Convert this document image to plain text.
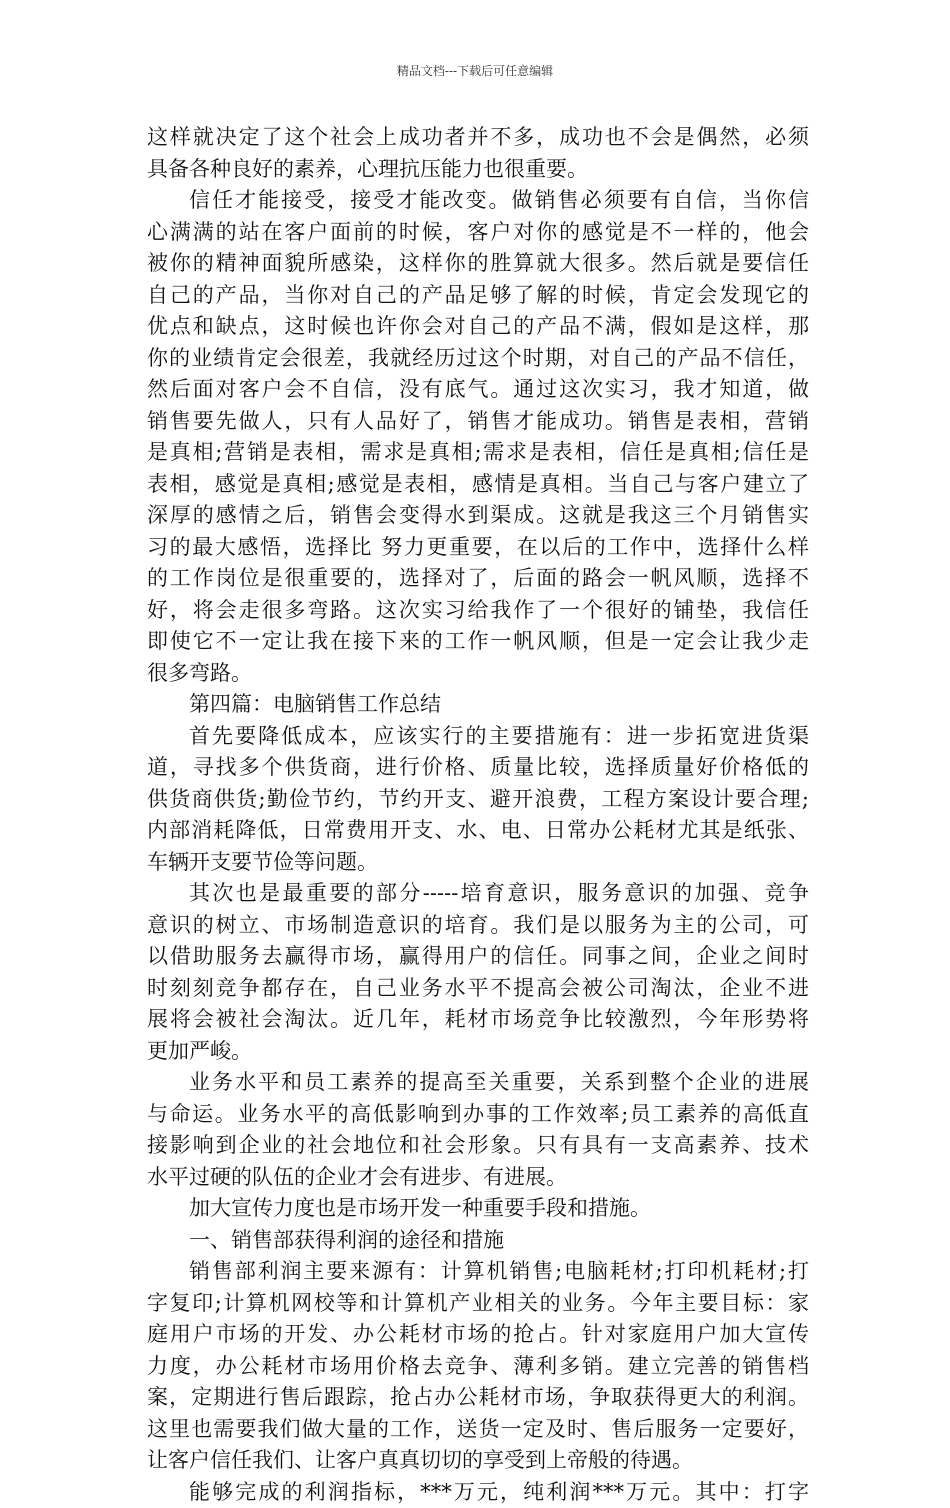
精品文档---下载后可任意编辑
这样就决定了这个社会上成功者并不多，成功也不会是偶然，必须
具备各种良好的素养，心理抗压能力也很重要。
信任才能接受，接受才能改变。做销售必须要有自信，当你信
心满满的站在客户面前的时候，客户对你的感觉是不一样的，他会
被你的精神面貌所感染，这样你的胜算就大很多。然后就是要信任
自己的产品，当你对自己的产品足够了解的时候，肯定会发现它的
优点和缺点，这时候也许你会对自己的产品不满，假如是这样，那
你的业绩肯定会很差，我就经历过这个时期，对自己的产品不信任，
然后面对客户会不自信，没有底气。通过这次实习，我才知道，做
销售要先做人，只有人品好了，销售才能成功。销售是表相，营销
是真相;营销是表相，需求是真相;需求是表相，信任是真相;信任是
表相，感觉是真相;感觉是表相，感情是真相。当自己与客户建立了
深厚的感情之后，销售会变得水到渠成。这就是我这三个月销售实
习的最大感悟，选择比 努力更重要，在以后的工作中，选择什么样
的工作岗位是很重要的，选择对了，后面的路会一帆风顺，选择不
好，将会走很多弯路。这次实习给我作了一个很好的铺垫，我信任
即使它不一定让我在接下来的工作一帆风顺，但是一定会让我少走
很多弯路。
第四篇：电脑销售工作总结
首先要降低成本，应该实行的主要措施有：进一步拓宽进货渠
道，寻找多个供货商，进行价格、质量比较，选择质量好价格低的
供货商供货;勤俭节约，节约开支、避开浪费，工程方案设计要合理;
内部消耗降低，日常费用开支、水、电、日常办公耗材尤其是纸张、
车辆开支要节俭等问题。
其次也是最重要的部分-----培育意识，服务意识的加强、竞争
意识的树立、市场制造意识的培育。我们是以服务为主的公司，可
以借助服务去赢得市场，赢得用户的信任。同事之间，企业之间时
时刻刻竞争都存在，自己业务水平不提高会被公司淘汰，企业不进
展将会被社会淘汰。近几年，耗材市场竞争比较激烈，今年形势将
更加严峻。
业务水平和员工素养的提高至关重要，关系到整个企业的进展
与命运。业务水平的高低影响到办事的工作效率;员工素养的高低直
接影响到企业的社会地位和社会形象。只有具有一支高素养、技术
水平过硬的队伍的企业才会有进步、有进展。
加大宣传力度也是市场开发一种重要手段和措施。
一、销售部获得利润的途径和措施
销售部利润主要来源有：计算机销售;电脑耗材;打印机耗材;打
字复印;计算机网校等和计算机产业相关的业务。今年主要目标：家
庭用户市场的开发、办公耗材市场的抢占。针对家庭用户加大宣传
力度，办公耗材市场用价格去竞争、薄利多销。建立完善的销售档
案，定期进行售后跟踪，抢占办公耗材市场，争取获得更大的利润。
这里也需要我们做大量的工作，送货一定及时、售后服务一定要好，
让客户信任我们、让客户真真切切的享受到上帝般的待遇。
能够完成的利润指标，***万元，纯利润***万元。其中：打字
